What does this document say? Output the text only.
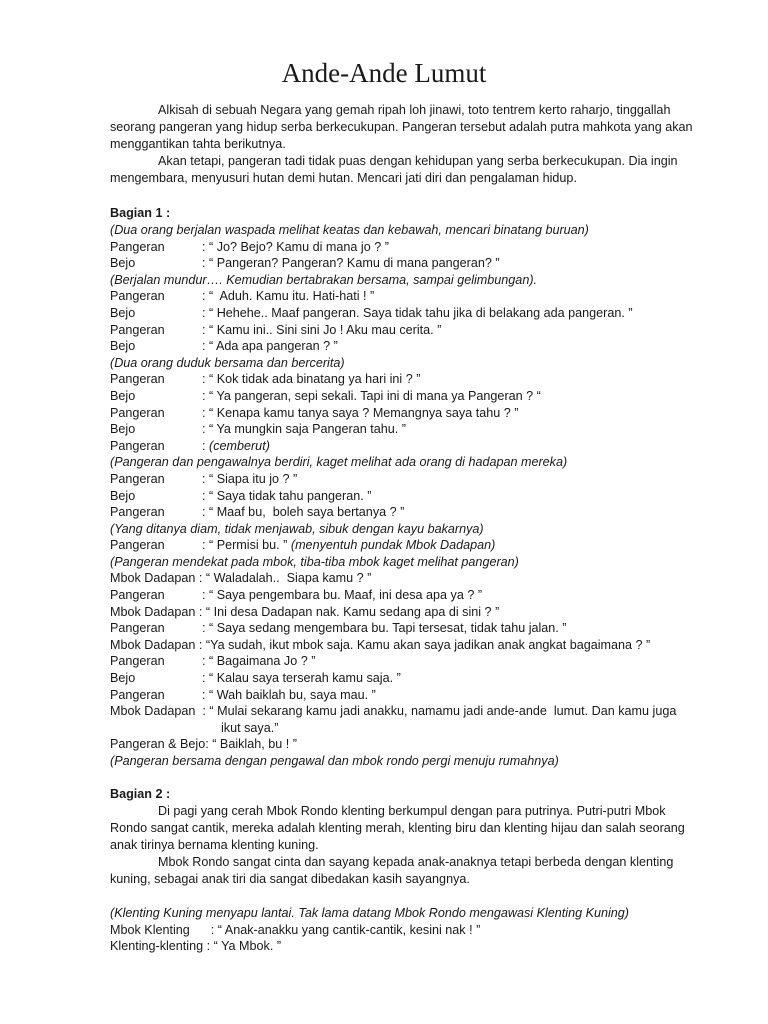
Ande-Ande Lumut

Alkisah di sebuah Negara yang gemah ripah loh jinawi, toto tentrem kerto raharjo, tinggallah seorang pangeran yang hidup serba berkecukupan. Pangeran tersebut adalah putra mahkota yang akan menggantikan tahta berikutnya.

Akan tetapi, pangeran tadi tidak puas dengan kehidupan yang serba berkecukupan. Dia ingin mengembara, menyusuri hutan demi hutan. Mencari jati diri dan pengalaman hidup.

Bagian 1 :
(Dua orang berjalan waspada melihat keatas dan kebawah, mencari binatang buruan)
Pangeran	: “ Jo? Bejo? Kamu di mana jo ? ”
Bejo	: “ Pangeran? Pangeran? Kamu di mana pangeran? ”
(Berjalan mundur…. Kemudian bertabrakan bersama, sampai gelimbungan).
Pangeran	: “  Aduh. Kamu itu. Hati-hati ! ”
Bejo	: “ Hehehe.. Maaf pangeran. Saya tidak tahu jika di belakang ada pangeran. ”
Pangeran	: “ Kamu ini.. Sini sini Jo ! Aku mau cerita. ”
Bejo	: “ Ada apa pangeran ? ”
(Dua orang duduk bersama dan bercerita)
Pangeran	: “ Kok tidak ada binatang ya hari ini ? ”
Bejo	: “ Ya pangeran, sepi sekali. Tapi ini di mana ya Pangeran ? “
Pangeran	: “ Kenapa kamu tanya saya ? Memangnya saya tahu ? ”
Bejo	: “ Ya mungkin saja Pangeran tahu. ”
Pangeran	: (cemberut)
(Pangeran dan pengawalnya berdiri, kaget melihat ada orang di hadapan mereka)
Pangeran	: “ Siapa itu jo ? ”
Bejo	: “ Saya tidak tahu pangeran. ”
Pangeran	: “ Maaf bu,  boleh saya bertanya ? ”
(Yang ditanya diam, tidak menjawab, sibuk dengan kayu bakarnya)
Pangeran	: “ Permisi bu. ” (menyentuh pundak Mbok Dadapan)
(Pangeran mendekat pada mbok, tiba-tiba mbok kaget melihat pangeran)
Mbok Dadapan : “ Waladalah..  Siapa kamu ? ”
Pangeran	: “ Saya pengembara bu. Maaf, ini desa apa ya ? ”
Mbok Dadapan : “ Ini desa Dadapan nak. Kamu sedang apa di sini ? ”
Pangeran	: “ Saya sedang mengembara bu. Tapi tersesat, tidak tahu jalan. ”
Mbok Dadapan : “Ya sudah, ikut mbok saja. Kamu akan saya jadikan anak angkat bagaimana ? ”
Pangeran	: “ Bagaimana Jo ? ”
Bejo	: “ Kalau saya terserah kamu saja. ”
Pangeran	: “ Wah baiklah bu, saya mau. ”
Mbok Dadapan  : “ Mulai sekarang kamu jadi anakku, namamu jadi ande-ande  lumut. Dan kamu juga
ikut saya.”
Pangeran & Bejo: “ Baiklah, bu ! ”
(Pangeran bersama dengan pengawal dan mbok rondo pergi menuju rumahnya)
Bagian 2 :

Di pagi yang cerah Mbok Rondo klenting berkumpul dengan para putrinya. Putri-putri Mbok Rondo sangat cantik, mereka adalah klenting merah, klenting biru dan klenting hijau dan salah seorang anak tirinya bernama klenting kuning.

Mbok Rondo sangat cinta dan sayang kepada anak-anaknya tetapi berbeda dengan klenting kuning, sebagai anak tiri dia sangat dibedakan kasih sayangnya.

(Klenting Kuning menyapu lantai. Tak lama datang Mbok Rondo mengawasi Klenting Kuning)
Mbok Klenting      : “ Anak-anakku yang cantik-cantik, kesini nak ! ”
Klenting-klenting : “ Ya Mbok. ”
